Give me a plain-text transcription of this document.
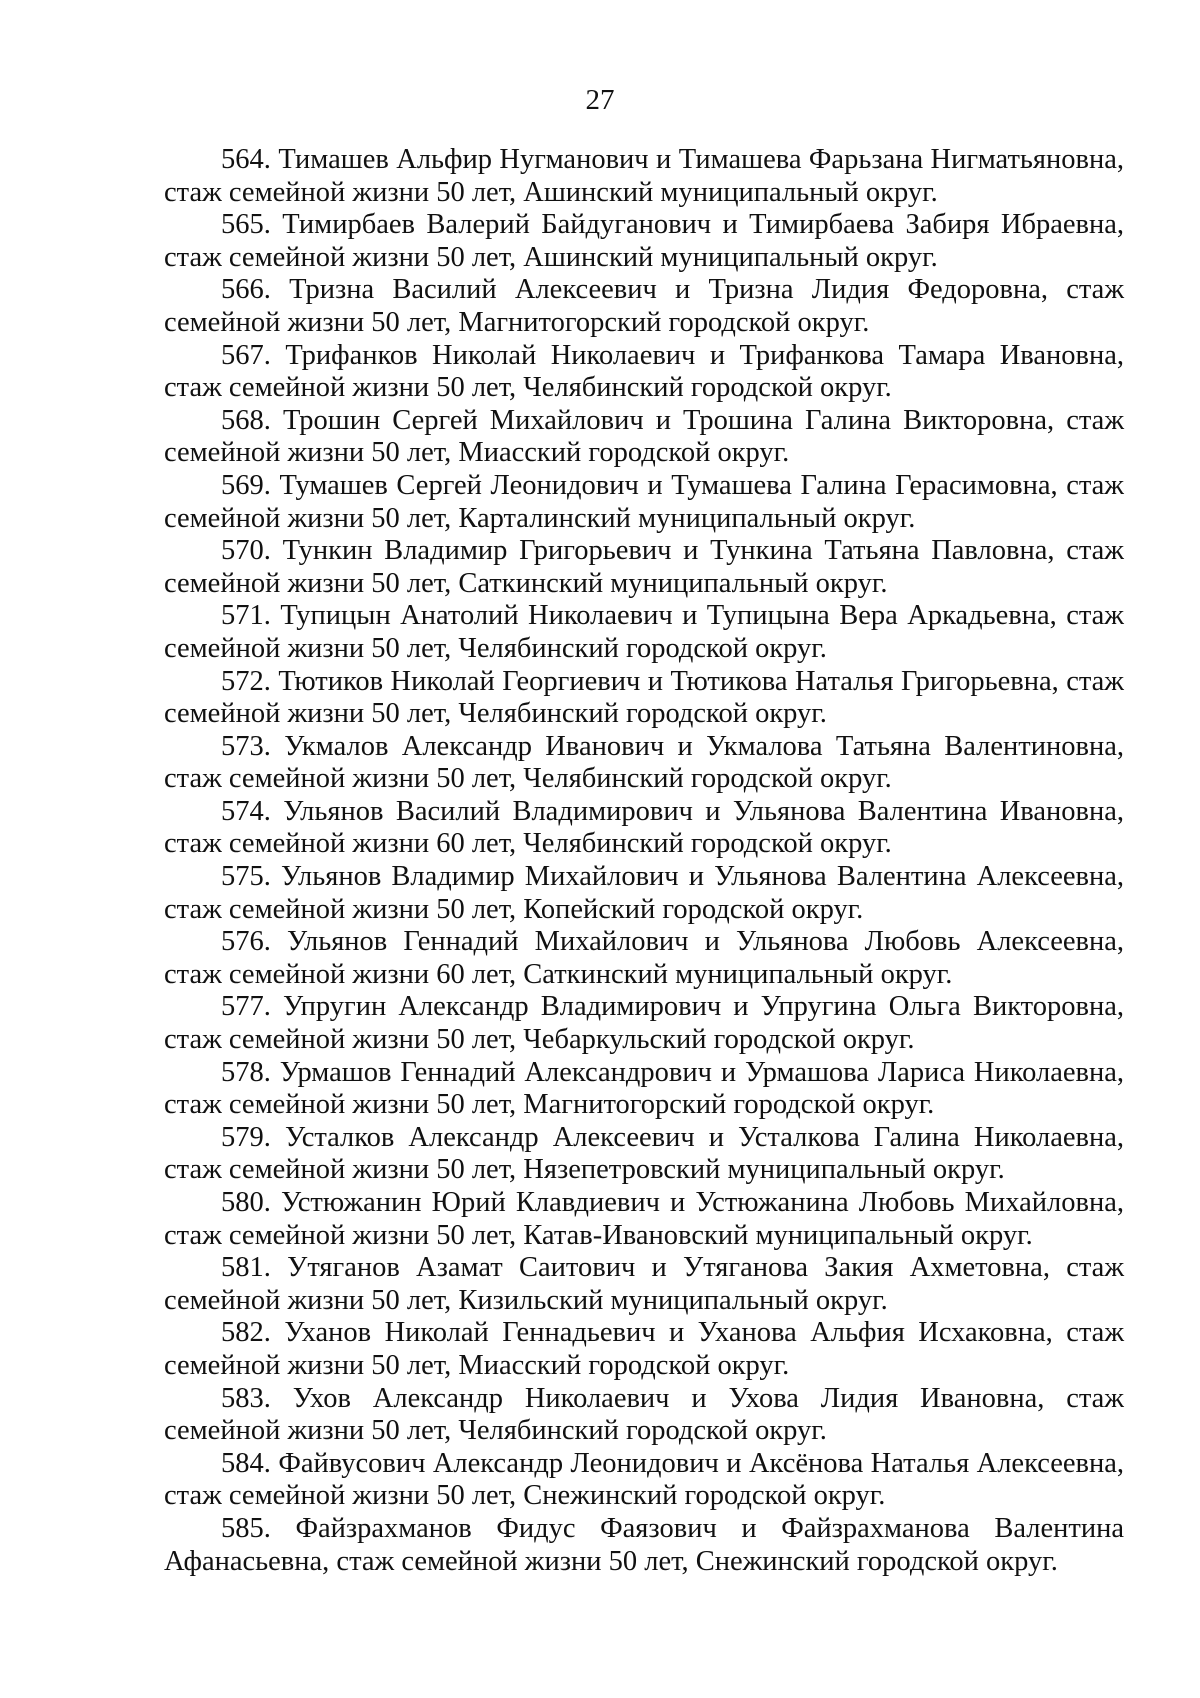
27

564. Тимашев Альфир Нугманович и Тимашева Фарьзана Нигматьяновна, стаж семейной жизни 50 лет, Ашинский муниципальный округ.

565. Тимирбаев Валерий Байдуганович и Тимирбаева Забиря Ибраевна, стаж семейной жизни 50 лет, Ашинский муниципальный округ.

566. Тризна Василий Алексеевич и Тризна Лидия Федоровна, стаж семейной жизни 50 лет, Магнитогорский городской округ.

567. Трифанков Николай Николаевич и Трифанкова Тамара Ивановна, стаж семейной жизни 50 лет, Челябинский городской округ.

568. Трошин Сергей Михайлович и Трошина Галина Викторовна, стаж семейной жизни 50 лет, Миасский городской округ.

569. Тумашев Сергей Леонидович и Тумашева Галина Герасимовна, стаж семейной жизни 50 лет, Карталинский муниципальный округ.

570. Тункин Владимир Григорьевич и Тункина Татьяна Павловна, стаж семейной жизни 50 лет, Саткинский муниципальный округ.

571. Тупицын Анатолий Николаевич и Тупицына Вера Аркадьевна, стаж семейной жизни 50 лет, Челябинский городской округ.

572. Тютиков Николай Георгиевич и Тютикова Наталья Григорьевна, стаж семейной жизни 50 лет, Челябинский городской округ.

573. Укмалов Александр Иванович и Укмалова Татьяна Валентиновна, стаж семейной жизни 50 лет, Челябинский городской округ.

574. Ульянов Василий Владимирович и Ульянова Валентина Ивановна, стаж семейной жизни 60 лет, Челябинский городской округ.

575. Ульянов Владимир Михайлович и Ульянова Валентина Алексеевна, стаж семейной жизни 50 лет, Копейский городской округ.

576. Ульянов Геннадий Михайлович и Ульянова Любовь Алексеевна, стаж семейной жизни 60 лет, Саткинский муниципальный округ.

577. Упругин Александр Владимирович и Упругина Ольга Викторовна, стаж семейной жизни 50 лет, Чебаркульский городской округ.

578. Урмашов Геннадий Александрович и Урмашова Лариса Николаевна, стаж семейной жизни 50 лет, Магнитогорский городской округ.

579. Усталков Александр Алексеевич и Усталкова Галина Николаевна, стаж семейной жизни 50 лет, Нязепетровский муниципальный округ.

580. Устюжанин Юрий Клавдиевич и Устюжанина Любовь Михайловна, стаж семейной жизни 50 лет, Катав-Ивановский муниципальный округ.

581. Утяганов Азамат Саитович и Утяганова Закия Ахметовна, стаж семейной жизни 50 лет, Кизильский муниципальный округ.

582. Уханов Николай Геннадьевич и Уханова Альфия Исхаковна, стаж семейной жизни 50 лет, Миасский городской округ.

583. Ухов Александр Николаевич и Ухова Лидия Ивановна, стаж семейной жизни 50 лет, Челябинский городской округ.

584. Файвусович Александр Леонидович и Аксёнова Наталья Алексеевна, стаж семейной жизни 50 лет, Снежинский городской округ.

585. Файзрахманов Фидус Фаязович и Файзрахманова Валентина Афанасьевна, стаж семейной жизни 50 лет, Снежинский городской округ.
